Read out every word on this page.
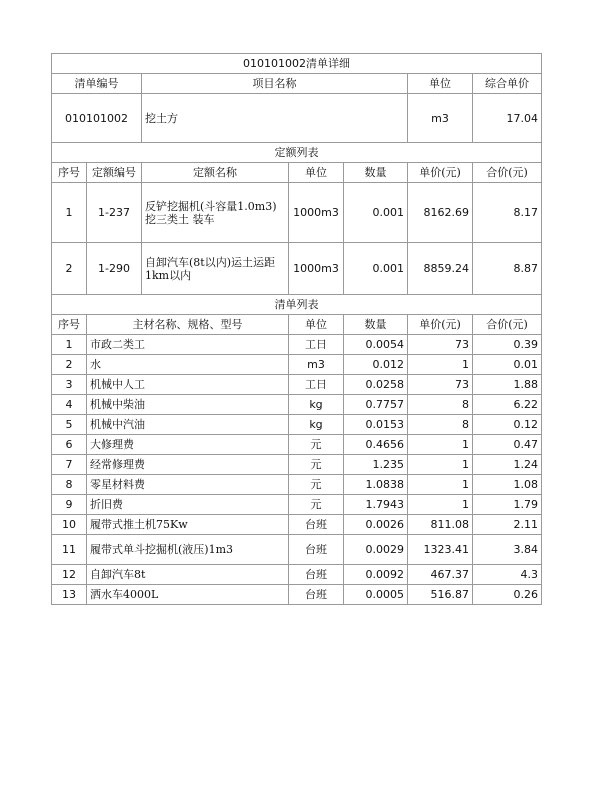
010101002清单详细						
清单编号		项目名称			单位	综合单价
010101002		挖土方			m3	17.04
定额列表						
序号	定额编号	定额名称	单位	数量	单价(元)	合价(元)
1	1-237	反铲挖掘机(斗容量1.0m3)挖三类土 装车	1000m3	0.001	8162.69	8.17
2	1-290	自卸汽车(8t以内)运土运距1km以内	1000m3	0.001	8859.24	8.87
清单列表						
序号	主材名称、规格、型号		单位	数量	单价(元)	合价(元)
1	市政二类工		工日	0.0054	73	0.39
2	水		m3	0.012	1	0.01
3	机械中人工		工日	0.0258	73	1.88
4	机械中柴油		kg	0.7757	8	6.22
5	机械中汽油		kg	0.0153	8	0.12
6	大修理费		元	0.4656	1	0.47
7	经常修理费		元	1.235	1	1.24
8	零星材料费		元	1.0838	1	1.08
9	折旧费		元	1.7943	1	1.79
10	履带式推土机75Kw		台班	0.0026	811.08	2.11
11	履带式单斗挖掘机(液压)1m3		台班	0.0029	1323.41	3.84
12	自卸汽车8t		台班	0.0092	467.37	4.3
13	洒水车4000L		台班	0.0005	516.87	0.26
